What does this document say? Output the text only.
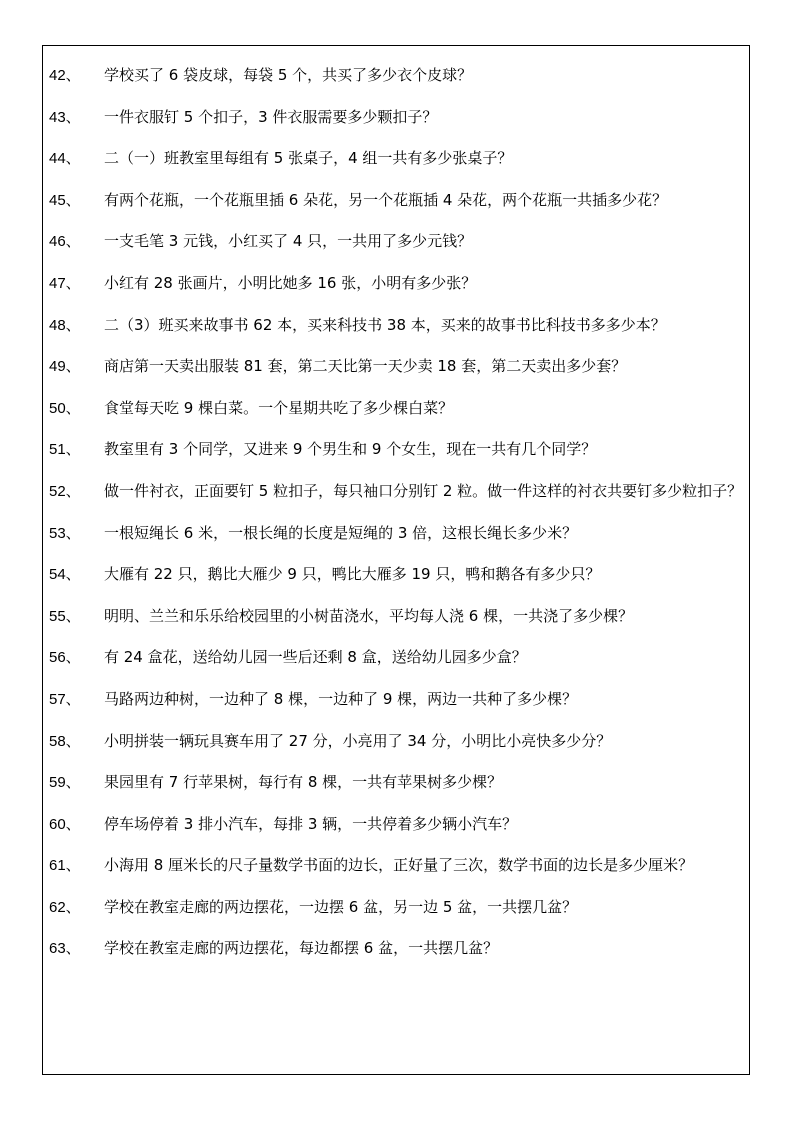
42、 学校买了 6 袋皮球，每袋 5 个，共买了多少衣个皮球？
43、 一件衣服钉 5 个扣子，3 件衣服需要多少颗扣子？
44、 二（一）班教室里每组有 5 张桌子，4 组一共有多少张桌子？
45、 有两个花瓶，一个花瓶里插 6 朵花，另一个花瓶插 4 朵花，两个花瓶一共插多少花？
46、 一支毛笔 3 元钱，小红买了 4 只，一共用了多少元钱？
47、 小红有 28 张画片，小明比她多 16 张，小明有多少张？
48、 二（3）班买来故事书 62 本，买来科技书 38 本，买来的故事书比科技书多多少本？
49、 商店第一天卖出服装 81 套，第二天比第一天少卖 18 套，第二天卖出多少套？
50、 食堂每天吃 9 棵白菜。一个星期共吃了多少棵白菜？
51、 教室里有 3 个同学，又进来 9 个男生和 9 个女生，现在一共有几个同学？
52、 做一件衬衣，正面要钉 5 粒扣子，每只袖口分别钉 2 粒。做一件这样的衬衣共要钉多少粒扣子？
53、 一根短绳长 6 米，一根长绳的长度是短绳的 3 倍，这根长绳长多少米？
54、 大雁有 22 只，鹅比大雁少 9 只，鸭比大雁多 19 只，鸭和鹅各有多少只？
55、 明明、兰兰和乐乐给校园里的小树苗浇水，平均每人浇 6 棵，一共浇了多少棵？
56、 有 24 盒花，送给幼儿园一些后还剩 8 盒，送给幼儿园多少盒？
57、 马路两边种树，一边种了 8 棵，一边种了 9 棵，两边一共种了多少棵？
58、 小明拼装一辆玩具赛车用了 27 分，小亮用了 34 分，小明比小亮快多少分？
59、 果园里有 7 行苹果树，每行有 8 棵，一共有苹果树多少棵？
60、 停车场停着 3 排小汽车，每排 3 辆，一共停着多少辆小汽车？
61、 小海用 8 厘米长的尺子量数学书面的边长，正好量了三次，数学书面的边长是多少厘米？
62、 学校在教室走廊的两边摆花，一边摆 6 盆，另一边 5 盆，一共摆几盆？
63、 学校在教室走廊的两边摆花，每边都摆 6 盆，一共摆几盆？
